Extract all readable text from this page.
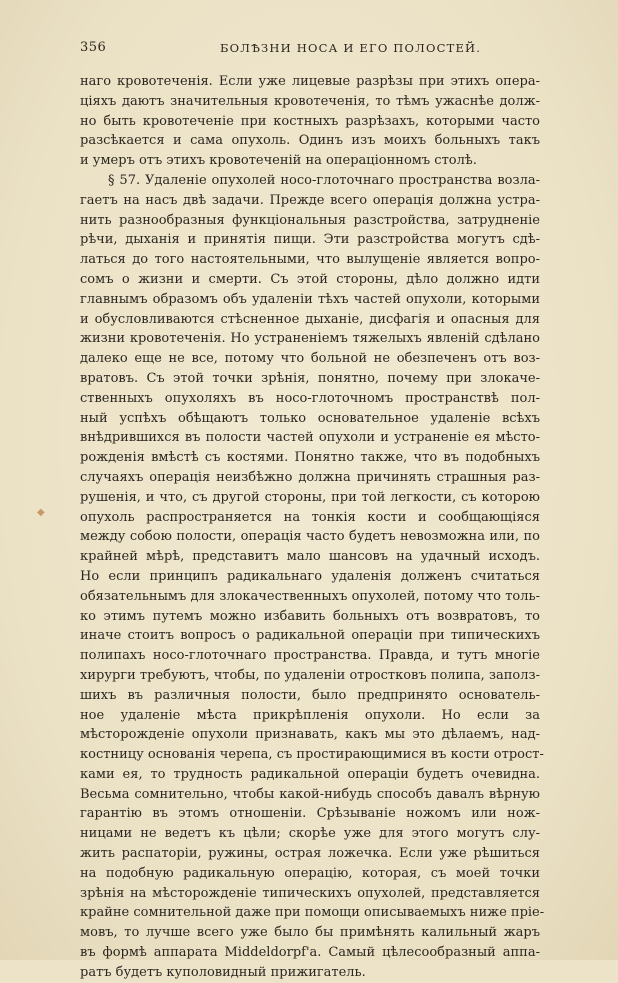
356	БОЛѢЗНИ НОСА И ЕГО ПОЛОСТЕЙ.
◆
наго кровотеченія. Если уже лицевые разрѣзы при этихъ опера-
ціяхъ даютъ значительныя кровотеченія, то тѣмъ ужаснѣе долж-
но быть кровотеченіе при костныхъ разрѣзахъ, которыми часто
разсѣкается и сама опухоль. Одинъ изъ моихъ больныхъ такъ
и умеръ отъ этихъ кровотеченій на операціонномъ столѣ.
§ 57. Удаленіе опухолей носо-глоточнаго пространства возла-
гаетъ на насъ двѣ задачи. Прежде всего операція должна устра-
нить разнообразныя функціональныя разстройства, затрудненіе
рѣчи, дыханія и принятія пищи. Эти разстройства могутъ сдѣ-
латься до того настоятельными, что вылущеніе является вопро-
сомъ о жизни и смерти. Съ этой стороны, дѣло должно идти
главнымъ образомъ объ удаленіи тѣхъ частей опухоли, которыми
и обусловливаются стѣсненное дыханіе, дисфагія и опасныя для
жизни кровотеченія. Но устраненіемъ тяжелыхъ явленій сдѣлано
далеко еще не все, потому что больной не обезпеченъ отъ воз-
вратовъ. Съ этой точки зрѣнія, понятно, почему при злокаче-
ственныхъ опухоляхъ въ носо-глоточномъ пространствѣ пол-
ный успѣхъ обѣщаютъ только основательное удаленіе всѣхъ
внѣдрившихся въ полости частей опухоли и устраненіе ея мѣсто-
рожденія вмѣстѣ съ костями. Понятно также, что въ подобныхъ
случаяхъ операція неизбѣжно должна причинять страшныя раз-
рушенія, и что, съ другой стороны, при той легкости, съ которою
опухоль распространяется на тонкія кости и сообщающіяся
между собою полости, операція часто будетъ невозможна или, по
крайней мѣрѣ, представитъ мало шансовъ на удачный исходъ.
Но если принципъ радикальнаго удаленія долженъ считаться
обязательнымъ для злокачественныхъ опухолей, потому что толь-
ко этимъ путемъ можно избавить больныхъ отъ возвратовъ, то
иначе стоитъ вопросъ о радикальной операціи при типическихъ
полипахъ носо-глоточнаго пространства. Правда, и тутъ многіе
хирурги требуютъ, чтобы, по удаленіи отростковъ полипа, заполз-
шихъ въ различныя полости, было предпринято основатель-
ное удаленіе мѣста прикрѣпленія опухоли. Но если за
мѣсторожденіе опухоли признавать, какъ мы это дѣлаемъ, над-
костницу основанія черепа, съ простирающимися въ кости отрост-
ками ея, то трудность радикальной операціи будетъ очевидна.
Весьма сомнительно, чтобы какой-нибудь способъ давалъ вѣрную
гарантію въ этомъ отношеніи. Срѣзываніе ножомъ или нож-
ницами не ведетъ къ цѣли; скорѣе уже для этого могутъ слу-
жить распаторіи, ружины, острая ложечка. Если уже рѣшиться
на подобную радикальную операцію, которая, съ моей точки
зрѣнія на мѣсторожденіе типическихъ опухолей, представляется
крайне сомнительной даже при помощи описываемыхъ ниже пріе-
мовъ, то лучше всего уже было бы примѣнять калильный жаръ
въ формѣ аппарата Middeldorpf'а. Самый цѣлесообразный аппа-
ратъ будетъ куполовидный прижигатель.
